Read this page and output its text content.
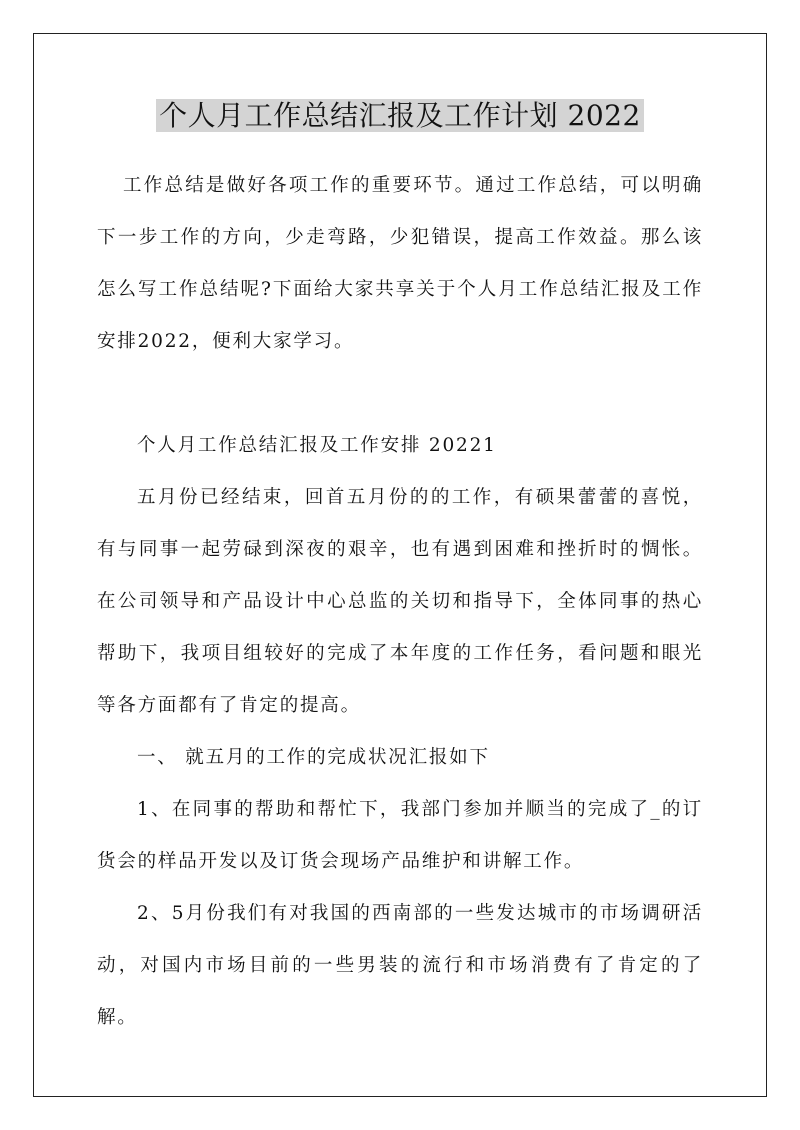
个人月工作总结汇报及工作计划 2022
工作总结是做好各项工作的重要环节。通过工作总结，可以明确下一步工作的方向，少走弯路，少犯错误，提高工作效益。那么该怎么写工作总结呢?下面给大家共享关于个人月工作总结汇报及工作安排2022，便利大家学习。
个人月工作总结汇报及工作安排 20221
五月份已经结束，回首五月份的的工作，有硕果蕾蕾的喜悦，有与同事一起劳碌到深夜的艰辛，也有遇到困难和挫折时的惆怅。在公司领导和产品设计中心总监的关切和指导下，全体同事的热心帮助下，我项目组较好的完成了本年度的工作任务，看问题和眼光等各方面都有了肯定的提高。
一、 就五月的工作的完成状况汇报如下
1、在同事的帮助和帮忙下，我部门参加并顺当的完成了_的订货会的样品开发以及订货会现场产品维护和讲解工作。
2、5月份我们有对我国的西南部的一些发达城市的市场调研活动，对国内市场目前的一些男装的流行和市场消费有了肯定的了解。
